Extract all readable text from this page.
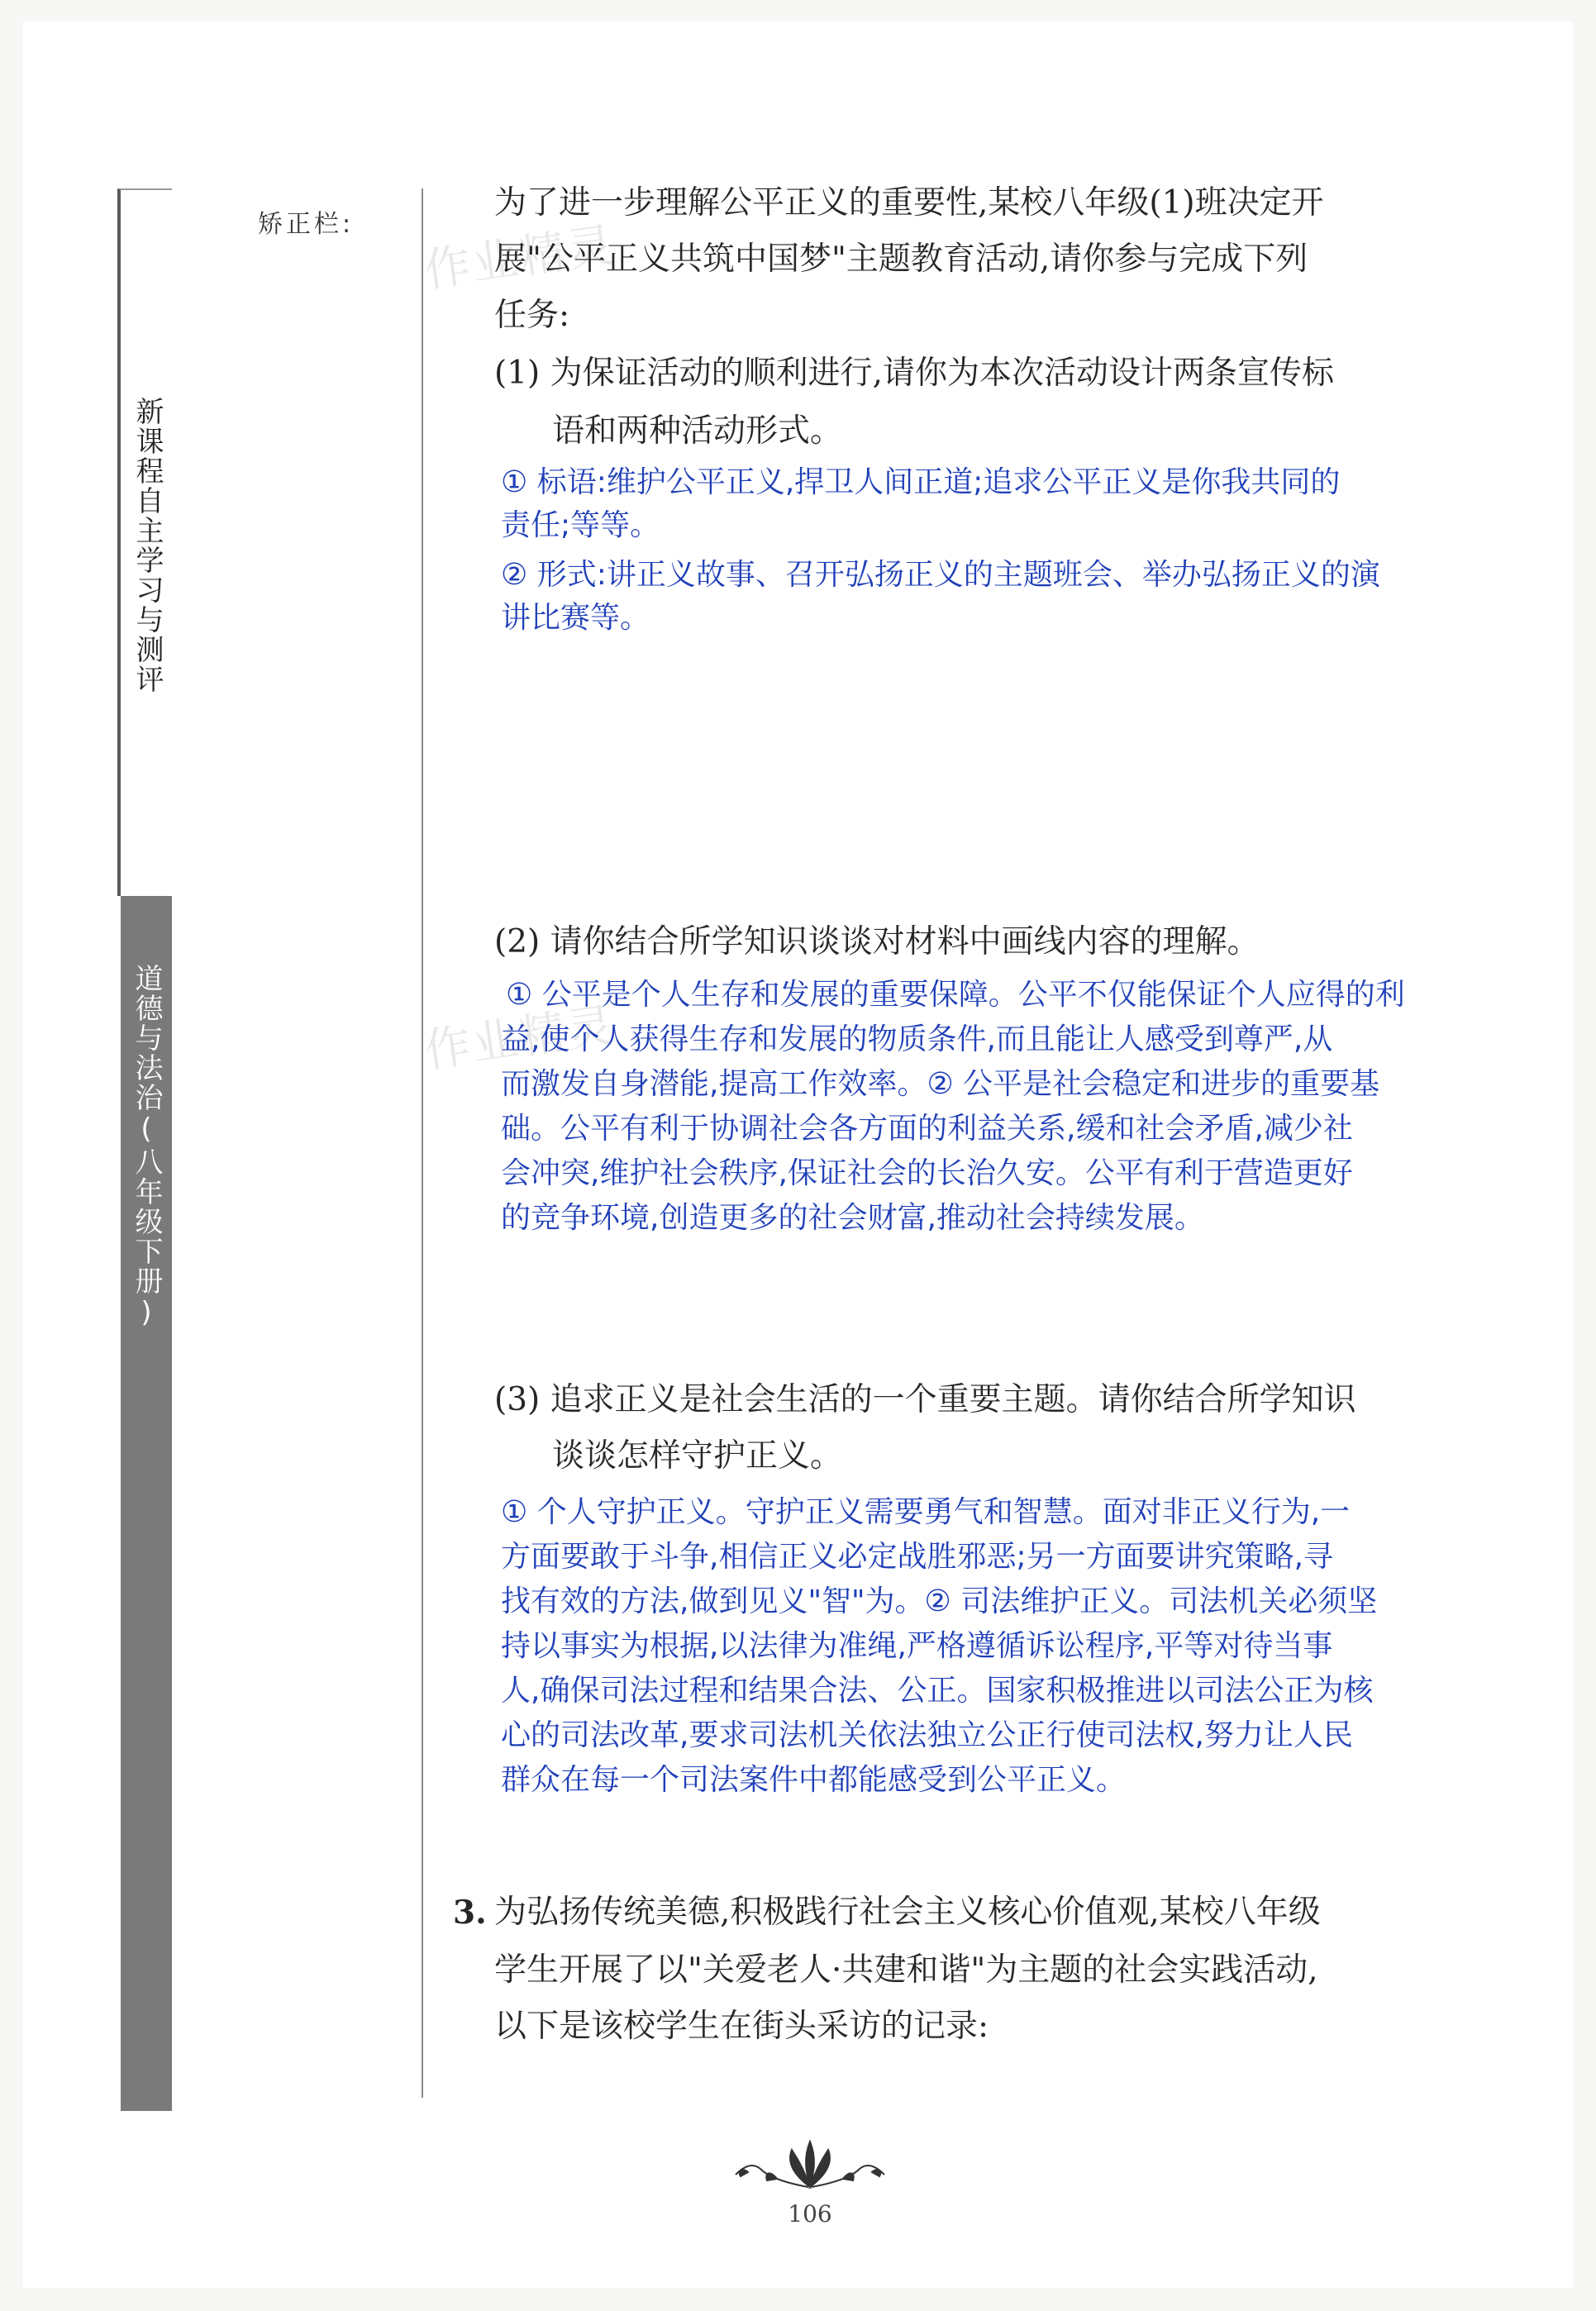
新课程自主学习与测评
道德与法治(八年级下册)
矫正栏: 作业精灵
作业精灵
为了进一步理解公平正义的重要性,某校八年级(1)班决定开
展"公平正义共筑中国梦"主题教育活动,请你参与完成下列
任务:
(1) 为保证活动的顺利进行,请你为本次活动设计两条宣传标
语和两种活动形式。
① 标语:维护公平正义,捍卫人间正道;追求公平正义是你我共同的
责任;等等。
② 形式:讲正义故事、召开弘扬正义的主题班会、举办弘扬正义的演
讲比赛等。
(2) 请你结合所学知识谈谈对材料中画线内容的理解。
① 公平是个人生存和发展的重要保障。公平不仅能保证个人应得的利
益,使个人获得生存和发展的物质条件,而且能让人感受到尊严,从
而激发自身潜能,提高工作效率。② 公平是社会稳定和进步的重要基
础。公平有利于协调社会各方面的利益关系,缓和社会矛盾,减少社
会冲突,维护社会秩序,保证社会的长治久安。公平有利于营造更好
的竞争环境,创造更多的社会财富,推动社会持续发展。
(3) 追求正义是社会生活的一个重要主题。请你结合所学知识
谈谈怎样守护正义。
① 个人守护正义。守护正义需要勇气和智慧。面对非正义行为,一
方面要敢于斗争,相信正义必定战胜邪恶;另一方面要讲究策略,寻
找有效的方法,做到见义"智"为。② 司法维护正义。司法机关必须坚
持以事实为根据,以法律为准绳,严格遵循诉讼程序,平等对待当事
人,确保司法过程和结果合法、公正。国家积极推进以司法公正为核
心的司法改革,要求司法机关依法独立公正行使司法权,努力让人民
群众在每一个司法案件中都能感受到公平正义。
3. 为弘扬传统美德,积极践行社会主义核心价值观,某校八年级
学生开展了以"关爱老人·共建和谐"为主题的社会实践活动,
以下是该校学生在街头采访的记录:
106
